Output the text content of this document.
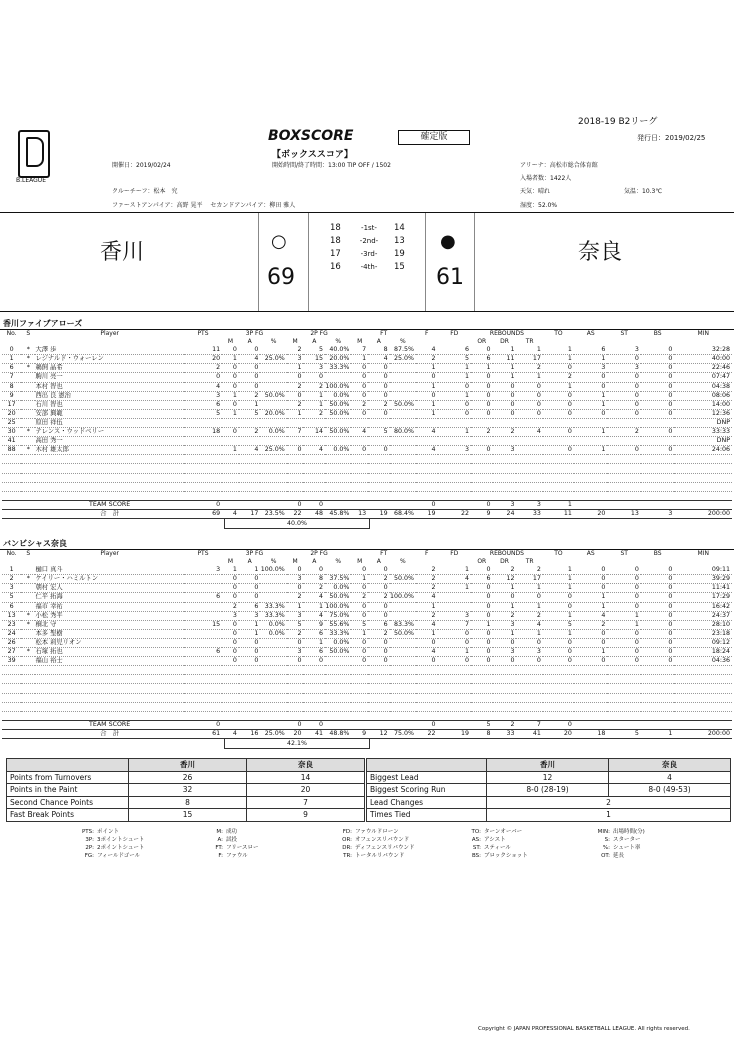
B.LEAGUE
2018-19 B2リーグ
BOXSCORE
【ボックススコア】
確定版	発行日：2019/02/25
開催日：2019/02/24	開始時間/終了時間：13:00 TIP OFF / 1502	アリーナ：高松市総合体育館
入場者数：1422人
クルーチーフ：松本　究	天気：晴れ	気温：10.3℃
ファーストアンパイア：高野 晃平　 セカンドアンパイア：柳田 雅人	湿度：52.0%
香川	奈良
○	●
69	61
18	-1st-	14
18	-2nd-	13
17	-3rd-	19
16	-4th-	15
香川ファイブアローズ
No.	S	Player	PTS	3P FG			2P FG			FT			F	FD	REBOUNDS			TO	AS	ST	BS	MIN
				M	A	%	M	A	%	M	A	%			OR	DR	TR					
0	*	大澤 歩	11	0	0		2	5	40.0%	7	8	87.5%	4	6	0	1	1	1	6	3	0	32:28
1	*	レジナルド・ウォーレン	20	1	4	25.0%	3	15	20.0%	1	4	25.0%	2	5	6	11	17	1	1	0	0	40:00
6	*	鵜飼 晶希	2	0	0		1	3	33.3%	0	0		1	1	1	1	2	0	3	3	0	22:46
7		駒川 亮一	0	0	0		0	0		0	0		0	1	0	1	1	2	0	0	0	07:47
8		本村 智也	4	0	0		2	2	100.0%	0	0		1	0	0	0	0	1	0	0	0	04:38
9		西出 良 憲治	3	1	2	50.0%	0	1	0.0%	0	0		0	1	0	0	0	0	1	0	0	08:06
17		石川 智也	6	0	1		2	1	50.0%	2	2	50.0%	1	0	0	0	0	0	1	0	0	14:00
20		安部 興範	5	1	5	20.0%	1	2	50.0%	0	0		1	0	0	0	0	0	0	0	0	12:36
25		原田 祥伍																				DNP
30	*	テレンス・ウッドベリー	18	0	2	0.0%	7	14	50.0%	4	5	80.0%	4	1	2	2	4	0	1	2	0	33:33
41		高田 秀一																				DNP
88	*	木村 雄太郎		1	4	25.0%	0	4	0.0%	0	0		4	3	0	3		0	1	0	0	24:06

		TEAM SCORE	0				0	0					0		0	3	3	1				
		合　計	69	4	17	23.5%	22	48	45.8%	13	19	68.4%	19	22	9	24	33	11	20	13	3	200:00
40.0%
バンビシャス奈良
No.	S	Player	PTS	3P FG			2P FG			FT			F	FD	REBOUNDS			TO	AS	ST	BS	MIN
				M	A	%	M	A	%	M	A	%			OR	DR	TR					
1		樋口 真斗	3	1	1	100.0%	0	0		0	0		2	1	0	2	2	1	0	0	0	09:11
2	*	ケイリー・ハミルトン		0	0		3	8	37.5%	1	2	50.0%	2	4	6	12	17	1	0	0	0	39:29
3		朝村 宏人		0	0		0	2	0.0%	0	0		2	1	0	1	1	1	0	0	0	11:41
5		仁平 拓海	6	0	0		2	4	50.0%	2	2	100.0%	4		0	0	0	0	1	0	0	17:29
6		福市 幸祐		2	6	33.3%	1	1	100.0%	0	0		1		0	1	1	0	1	0	0	16:42
13	*	小松 秀平		3	3	33.3%	3	4	75.0%	0	0		2	3	0	2	2	1	4	1	0	24:37
23	*	桐北 守	15	0	1	0.0%	5	9	55.6%	5	6	83.3%	4	7	1	3	4	5	2	1	0	28:10
24		本多 聖樹		0	1	0.0%	2	6	33.3%	1	2	50.0%	1	0	0	1	1	1	0	0	0	23:18
26		松本 莉児リオン		0	0		0	1	0.0%	0	0		0	0	0	0	0	0	0	0	0	09:12
27	*	石塚 拓也	6	0	0		3	6	50.0%	0	0		4	1	0	3	3	0	1	0	0	18:24
39		福山 裕士		0	0		0	0		0	0		0	0	0	0	0	0	0	0	0	04:36

		TEAM SCORE	0				0	0					0		5	2	7	0				
		合　計	61	4	16	25.0%	20	41	48.8%	9	12	75.0%	22	19	8	33	41	20	18	5	1	200:00
42.1%
	香川	奈良
Points from Turnovers	26	14
Points in the Paint	32	20
Second Chance Points	8	7
Fast Break Points	15	9
	香川	奈良
Biggest Lead	12	4
Biggest Scoring Run	8-0 (28-19)	8-0 (49-53)
Lead Changes	2	
Times Tied	1	
PTS:	ポイント	M:	成功	FD:	ファウルドローン	TO:	ターンオーバー	MIN:	出場時間(分)
3P:	3ポイントシュート	A:	試投	OR:	オフェンスリバウンド	AS:	アシスト	S:	スターター
2P:	2ポイントシュート	FT:	フリースロー	DR:	ディフェンスリバウンド	ST:	スティール	%:	シュート率
FG:	フィールドゴール	F:	ファウル	TR:	トータルリバウンド	BS:	ブロックショット	OT:	延長
Copyright © JAPAN PROFESSIONAL BASKETBALL LEAGUE. All rights reserved.
